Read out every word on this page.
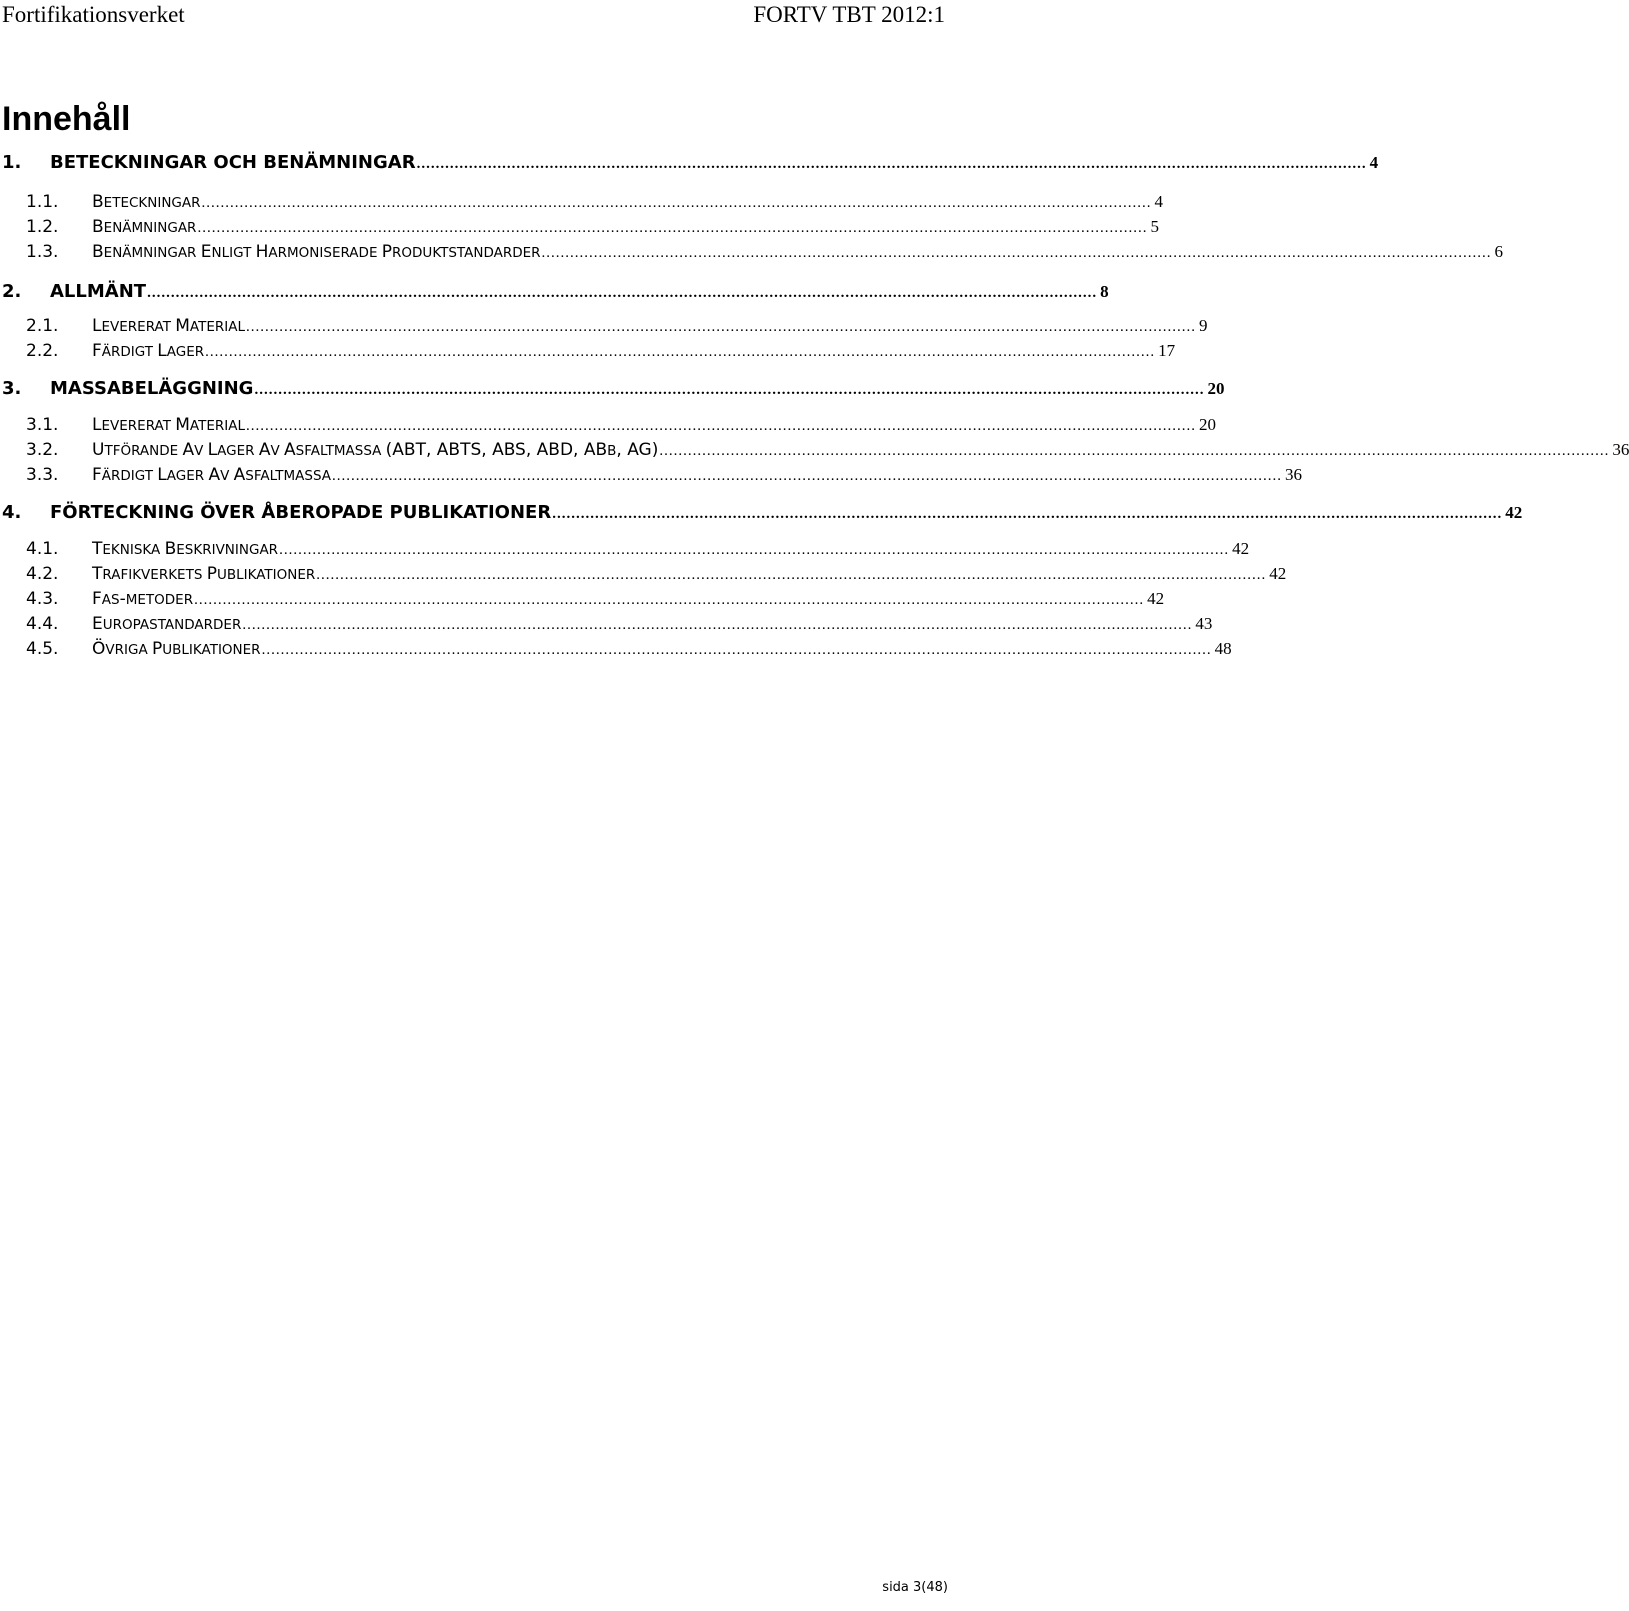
Fortifikationsverket	FORTV TBT 2012:1
Innehåll
1. BETECKNINGAR OCH BENÄMNINGAR ........................................................................................................................................................................................................ 4
1.1. BETECKNINGAR ........................................................................................................................................................................................................ 4
1.2. BENÄMNINGAR ........................................................................................................................................................................................................ 5
1.3. BENÄMNINGAR ENLIGT HARMONISERADE PRODUKTSTANDARDER ........................................................................................................................................................................................................ 6
2. ALLMÄNT ........................................................................................................................................................................................................ 8
2.1. LEVERERAT MATERIAL ........................................................................................................................................................................................................ 9
2.2. FÄRDIGT LAGER ........................................................................................................................................................................................................ 17
3. MASSABELÄGGNING ........................................................................................................................................................................................................ 20
3.1. LEVERERAT MATERIAL ........................................................................................................................................................................................................ 20
3.2. UTFÖRANDE AV LAGER AV ASFALTMASSA (ABT, ABTS, ABS, ABD, ABB, AG) ........................................................................................................................................................................................................ 36
3.3. FÄRDIGT LAGER AV ASFALTMASSA ........................................................................................................................................................................................................ 36
4. FÖRTECKNING ÖVER ÅBEROPADE PUBLIKATIONER ........................................................................................................................................................................................................ 42
4.1. TEKNISKA BESKRIVNINGAR ........................................................................................................................................................................................................ 42
4.2. TRAFIKVERKETS PUBLIKATIONER ........................................................................................................................................................................................................ 42
4.3. FAS-METODER ........................................................................................................................................................................................................ 42
4.4. EUROPASTANDARDER ........................................................................................................................................................................................................ 43
4.5. ÖVRIGA PUBLIKATIONER ........................................................................................................................................................................................................ 48
sida 3(48)
